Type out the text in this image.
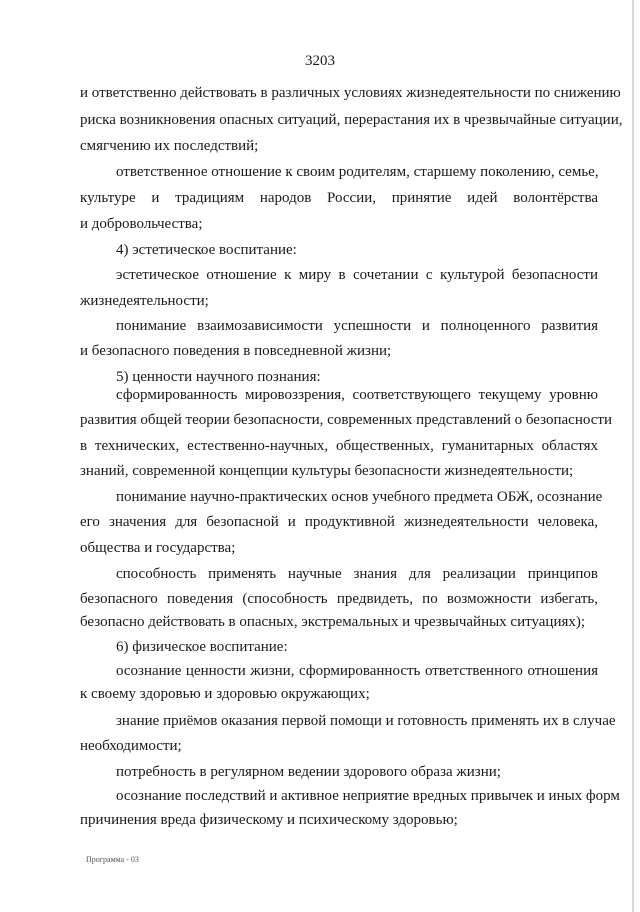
3203
и ответственно действовать в различных условиях жизнедеятельности по снижению
риска возникновения опасных ситуаций, перерастания их в чрезвычайные ситуации,
смягчению их последствий;
ответственное отношение к своим родителям, старшему поколению, семье,
культуре и традициям народов России, принятие идей волонтёрства
и добровольчества;
4) эстетическое воспитание:
эстетическое отношение к миру в сочетании с культурой безопасности
жизнедеятельности;
понимание взаимозависимости успешности и полноценного развития
и безопасного поведения в повседневной жизни;
5) ценности научного познания:
сформированность мировоззрения, соответствующего текущему уровню
развития общей теории безопасности, современных представлений о безопасности
в технических, естественно-научных, общественных, гуманитарных областях
знаний, современной концепции культуры безопасности жизнедеятельности;
понимание научно-практических основ учебного предмета ОБЖ, осознание
его значения для безопасной и продуктивной жизнедеятельности человека,
общества и государства;
способность применять научные знания для реализации принципов
безопасного поведения (способность предвидеть, по возможности избегать,
безопасно действовать в опасных, экстремальных и чрезвычайных ситуациях);
6) физическое воспитание:
осознание ценности жизни, сформированность ответственного отношения
к своему здоровью и здоровью окружающих;
знание приёмов оказания первой помощи и готовность применять их в случае
необходимости;
потребность в регулярном ведении здорового образа жизни;
осознание последствий и активное неприятие вредных привычек и иных форм
причинения вреда физическому и психическому здоровью;
Программа - 03
